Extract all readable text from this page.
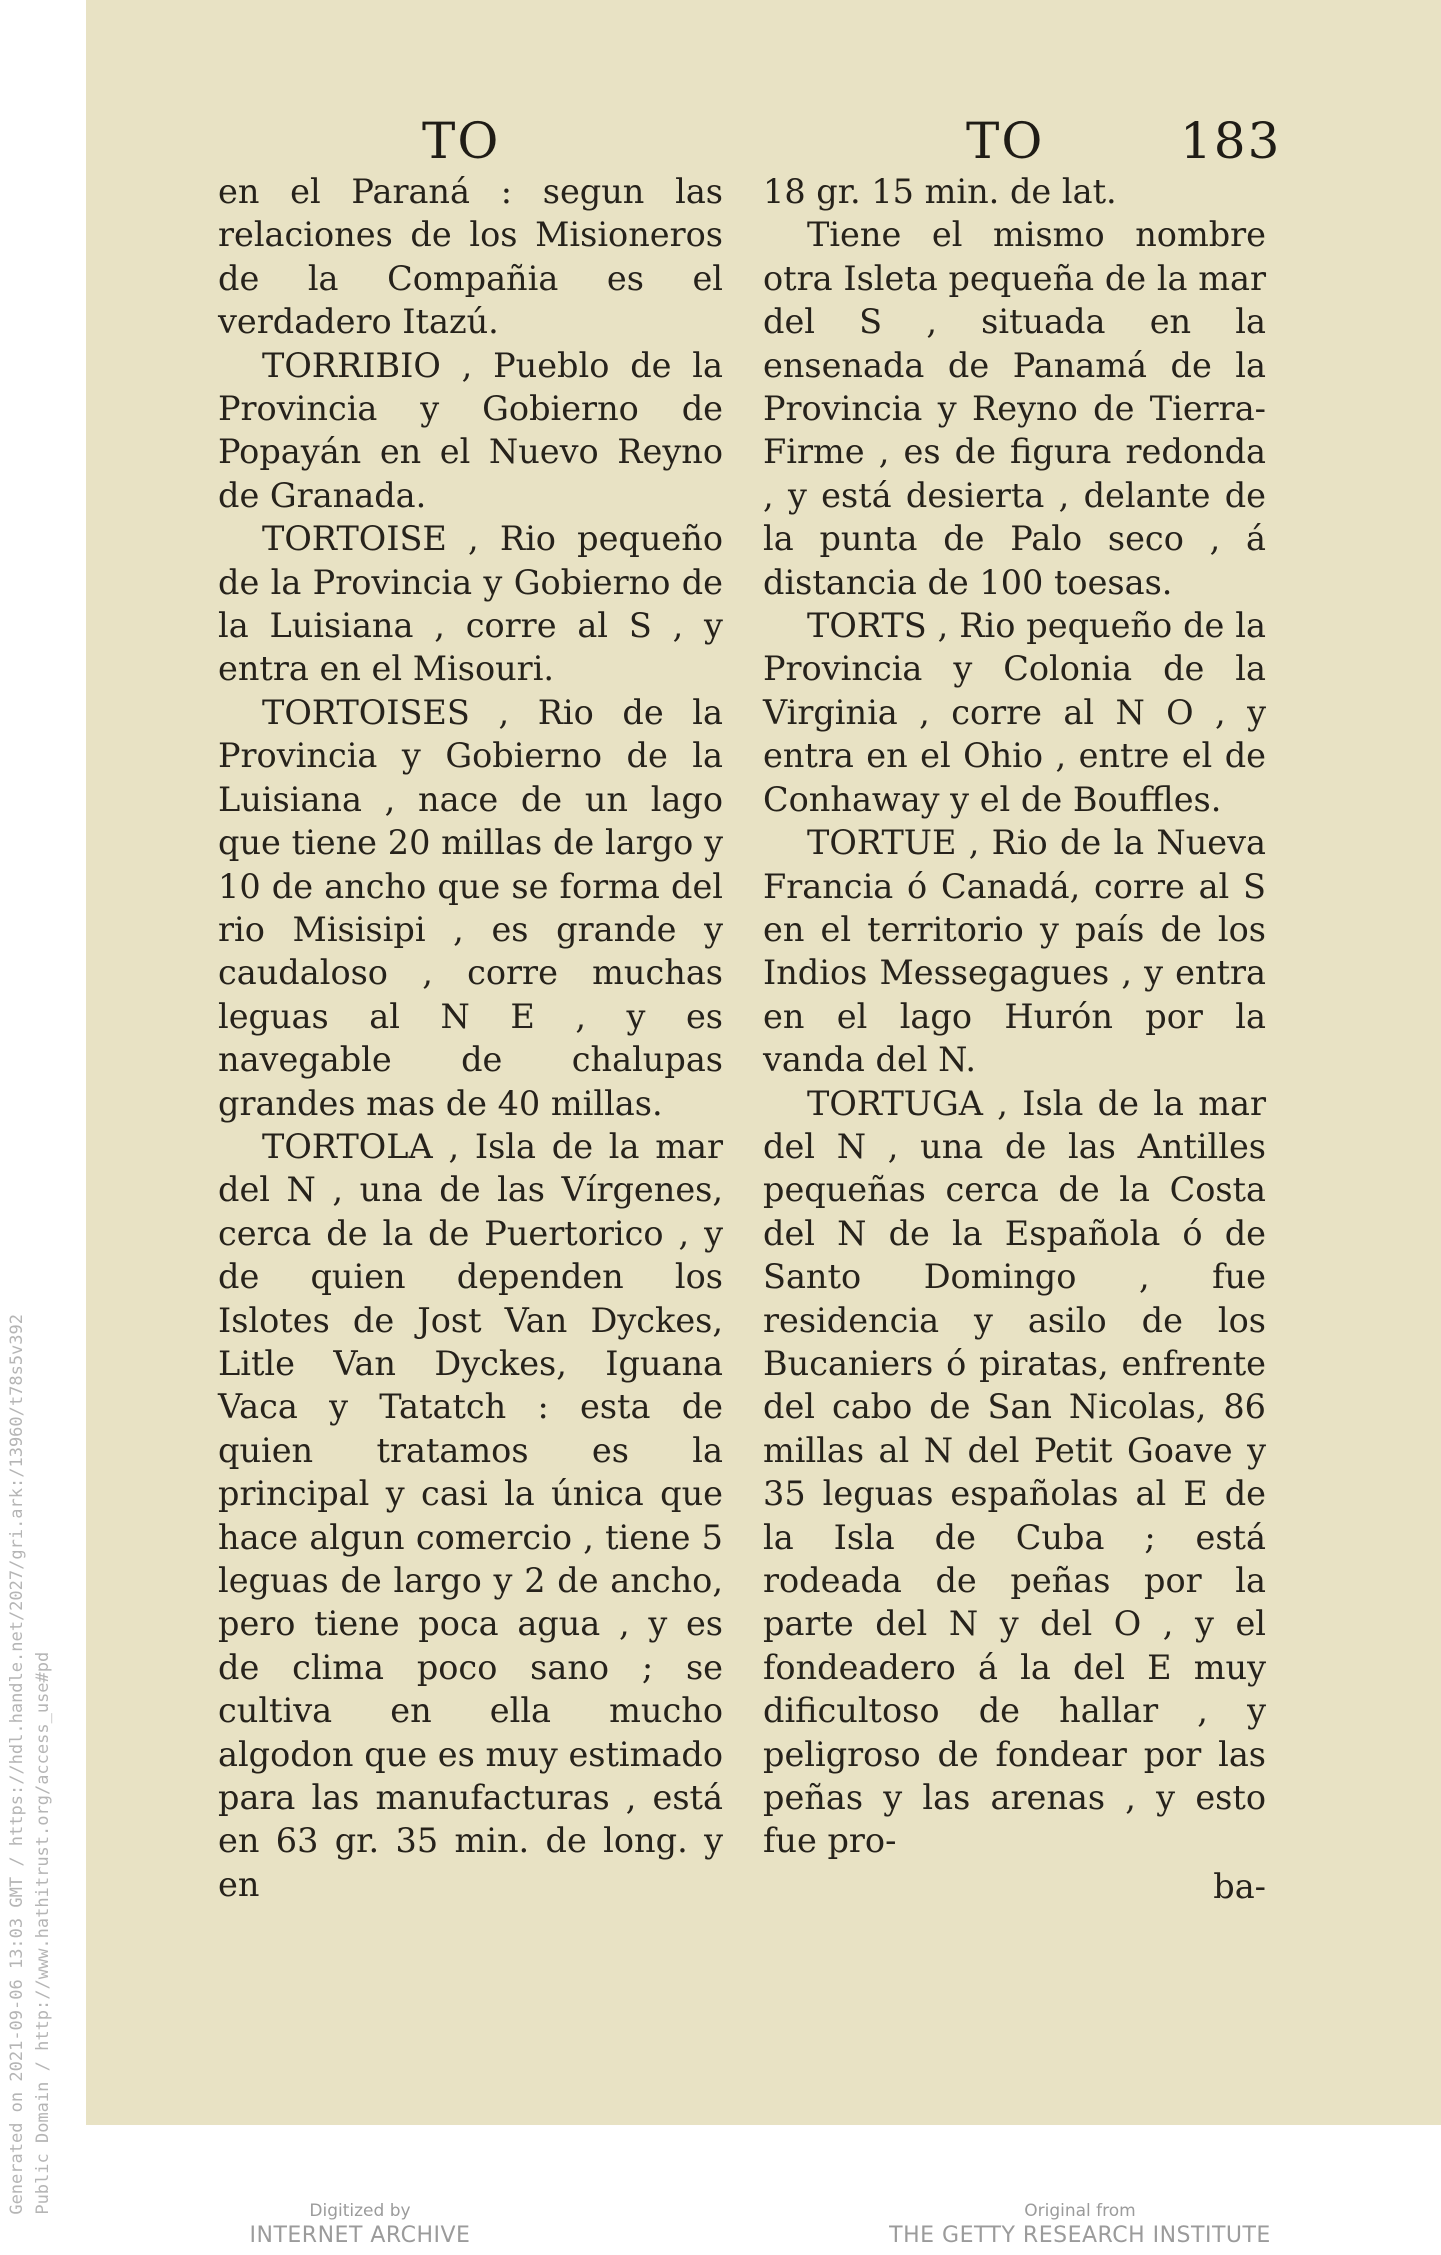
Generated on 2021-09-06 13:03 GMT / https://hdl.handle.net/2027/gri.ark:/13960/t78s5v392 Public Domain / http://www.hathitrust.org/access_use#pd
TO	TO	183

en el Paraná : segun las relaciones de los Misioneros de la Compañia es el verdadero Itazú.

TORRIBIO , Pueblo de la Provincia y Gobierno de Popayán en el Nuevo Reyno de Granada.

TORTOISE , Rio pequeño de la Provincia y Gobierno de la Luisiana , corre al S , y entra en el Misouri.

TORTOISES , Rio de la Provincia y Gobierno de la Luisiana , nace de un lago que tiene 20 millas de largo y 10 de ancho que se forma del rio Misisipi , es grande y caudaloso , corre muchas leguas al N E , y es navegable de chalupas grandes mas de 40 millas.

TORTOLA , Isla de la mar del N , una de las Vírgenes, cerca de la de Puertorico , y de quien dependen los Islotes de Jost Van Dyckes, Litle Van Dyckes, Iguana Vaca y Tatatch : esta de quien tratamos es la principal y casi la única que hace algun comercio , tiene 5 leguas de largo y 2 de ancho, pero tiene poca agua , y es de clima poco sano ; se cultiva en ella mucho algodon que es muy estimado para las manufacturas , está en 63 gr. 35 min. de long. y en

18 gr. 15 min. de lat.

Tiene el mismo nombre otra Isleta pequeña de la mar del S , situada en la ensenada de Panamá de la Provincia y Reyno de Tierra-Firme , es de figura redonda , y está desierta , delante de la punta de Palo seco , á distancia de 100 toesas.

TORTS , Rio pequeño de la Provincia y Colonia de la Virginia , corre al N O , y entra en el Ohio , entre el de Conhaway y el de Bouffles.

TORTUE , Rio de la Nueva Francia ó Canadá, corre al S en el territorio y país de los Indios Messegagues , y entra en el lago Hurón por la vanda del N.

TORTUGA , Isla de la mar del N , una de las Antilles pequeñas cerca de la Costa del N de la Española ó de Santo Domingo , fue residencia y asilo de los Bucaniers ó piratas, enfrente del cabo de San Nicolas, 86 millas al N del Petit Goave y 35 leguas españolas al E de la Isla de Cuba ; está rodeada de peñas por la parte del N y del O , y el fondeadero á la del E muy dificultoso de hallar , y peligroso de fondear por las peñas y las arenas , y esto fue pro-

ba-
Digitized by
INTERNET ARCHIVE
Original from
THE GETTY RESEARCH INSTITUTE
